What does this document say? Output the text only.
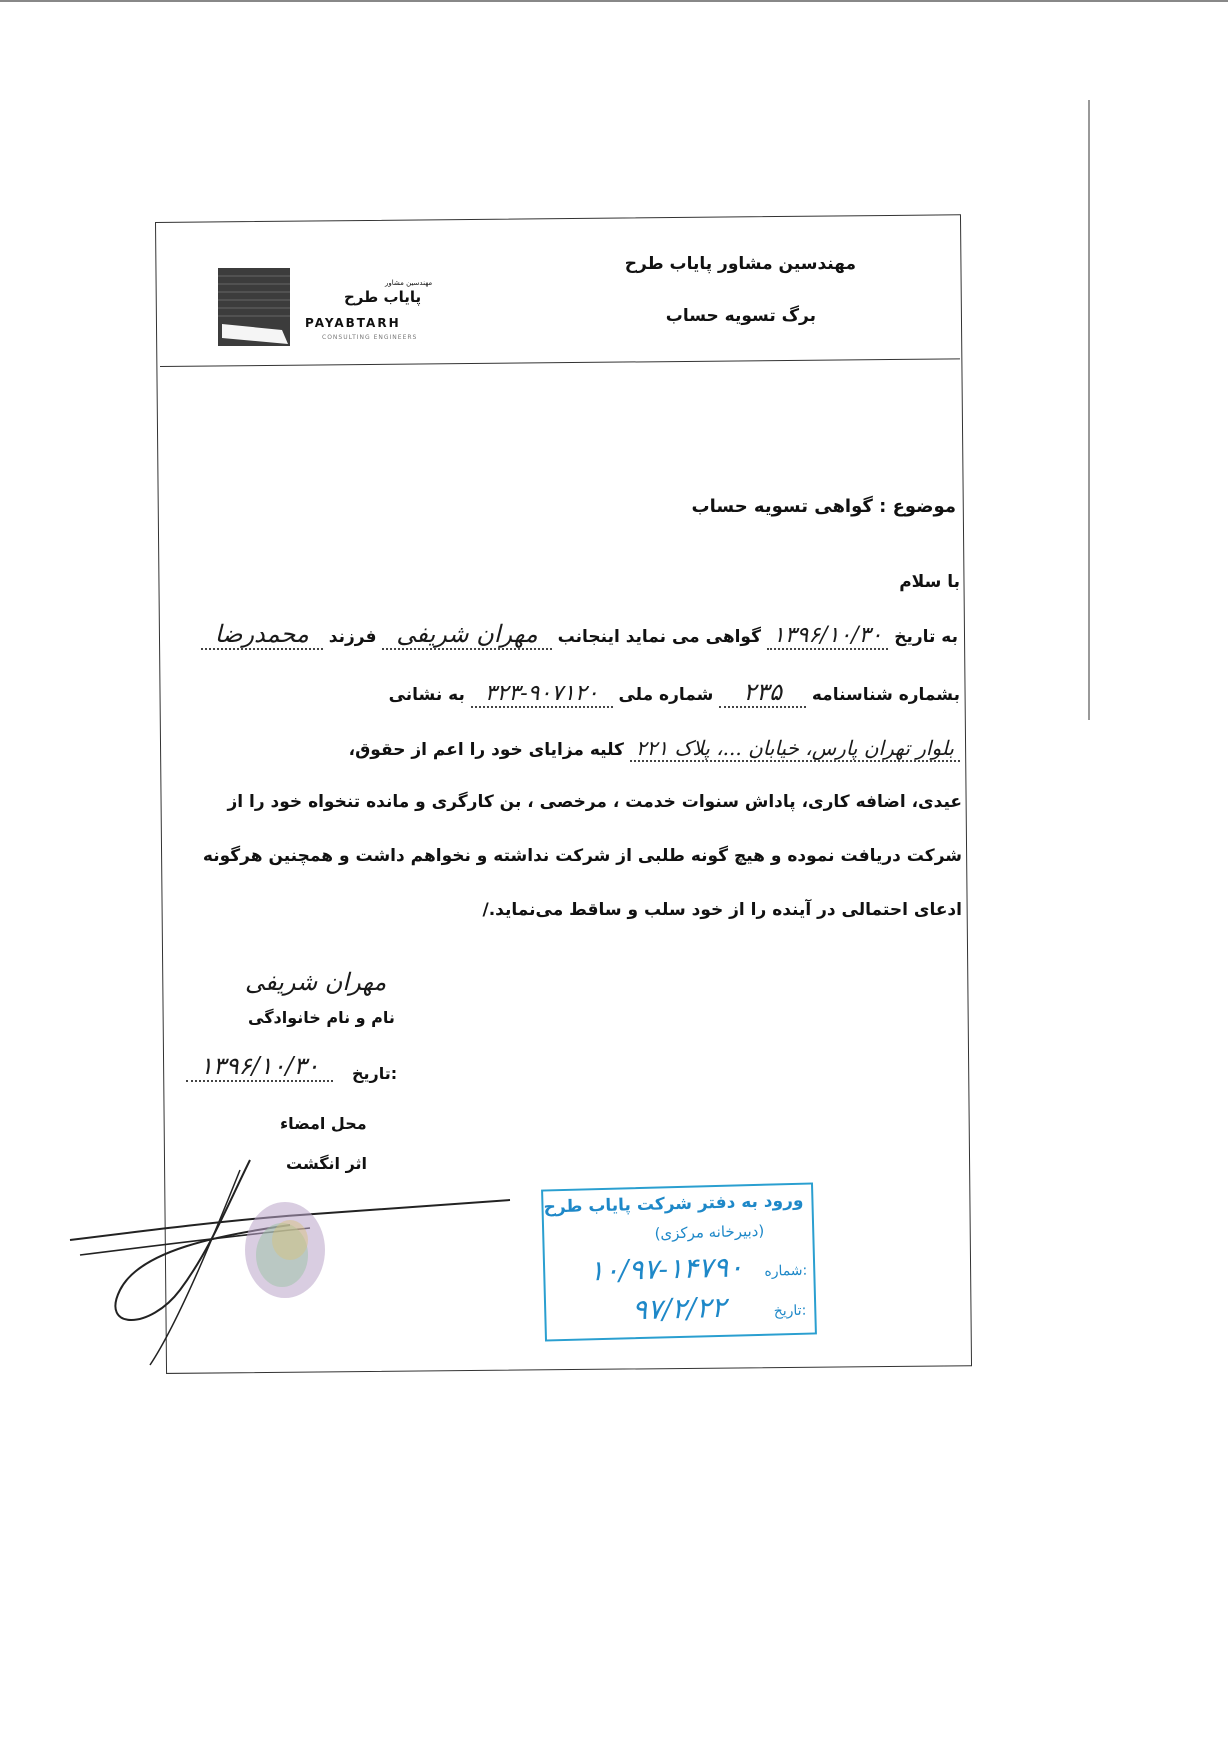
مهندسین مشاور پایاب طرح
برگ تسویه حساب
مهندسین مشاور
پایاب طرح
PAYABTARH
CONSULTING ENGINEERS
موضوع : گواهی تسویه حساب
با سلام
به تاریخ ۱۳۹۶/۱۰/۳۰ گواهی می نماید اینجانب مهران شریفی فرزند محمدرضا
بشماره شناسنامه ۲۳۵ شماره ملی ۳۲۳-۹۰۷۱۲۰ به نشانی
بلوار تهران پارس، خیابان ...، پلاک ۲۲۱ کلیه مزایای خود را اعم از حقوق،
عیدی، اضافه کاری، پاداش سنوات خدمت ، مرخصی ، بن کارگری و مانده تنخواه خود را از
شرکت دریافت نموده و هیچ گونه طلبی از شرکت نداشته و نخواهم داشت و همچنین هرگونه
ادعای احتمالی در آینده را از خود سلب و ساقط می‌نماید./
مهران شریفی
نام و نام خانوادگی
۱۳۹۶/۱۰/۳۰	تاریخ:
محل امضاء
اثر انگشت
ورود به دفتر شرکت پایاب طرح
(دبیرخانه مرکزی)
شماره:
۱۰/۹۷-۱۴۷۹۰
تاریخ:
۹۷/۲/۲۲
